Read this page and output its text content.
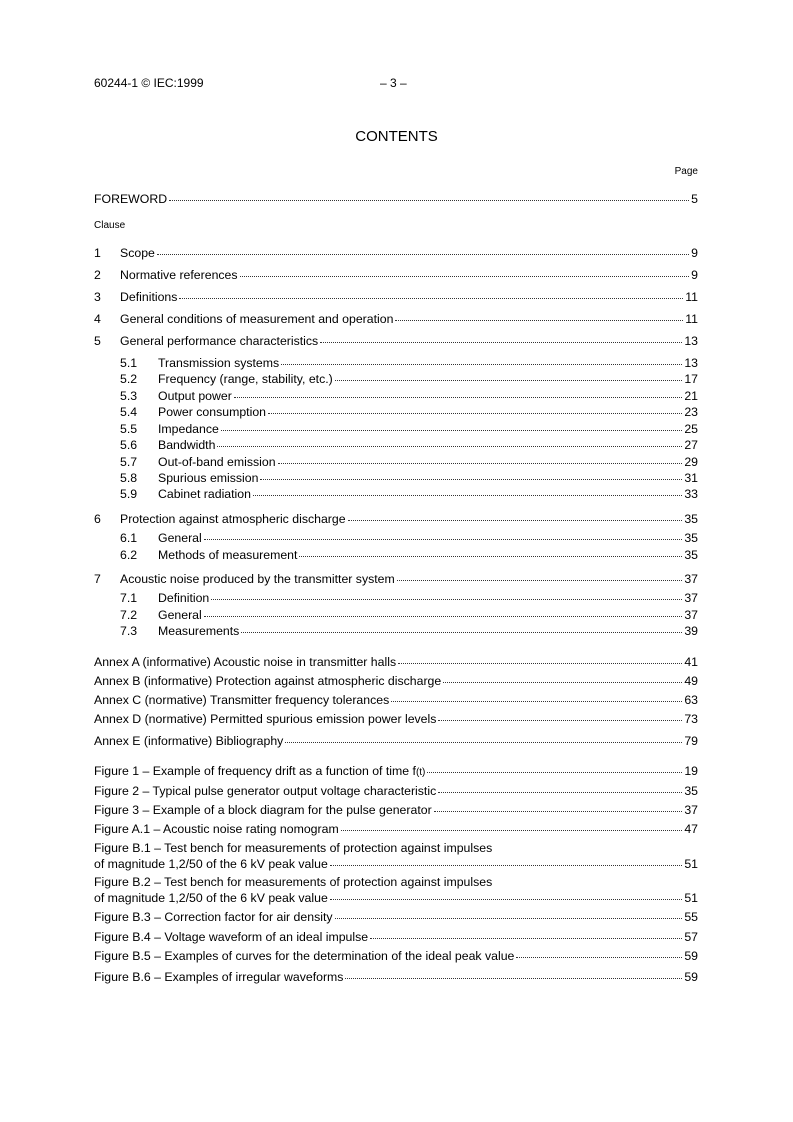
60244-1 © IEC:1999	– 3 –
CONTENTS
Page
Clause
FOREWORD	5
1	Scope	9
2	Normative references	9
3	Definitions	11
4	General conditions of measurement and operation	11
5	General performance characteristics	13
5.1	Transmission systems	13
5.2	Frequency (range, stability, etc.)	17
5.3	Output power	21
5.4	Power consumption	23
5.5	Impedance	25
5.6	Bandwidth	27
5.7	Out-of-band emission	29
5.8	Spurious emission	31
5.9	Cabinet radiation	33
6	Protection against atmospheric discharge	35
6.1	General	35
6.2	Methods of measurement	35
7	Acoustic noise produced by the transmitter system	37
7.1	Definition	37
7.2	General	37
7.3	Measurements	39
Annex A (informative) Acoustic noise in transmitter halls	41
Annex B (informative) Protection against atmospheric discharge	49
Annex C (normative) Transmitter frequency tolerances	63
Annex D (normative) Permitted spurious emission power levels	73
Annex E (informative) Bibliography	79
Figure 1 – Example of frequency drift as a function of time f (t)	19
Figure 2 – Typical pulse generator output voltage characteristic	35
Figure 3 – Example of a block diagram for the pulse generator	37
Figure A.1 – Acoustic noise rating nomogram	47
Figure B.1 – Test bench for measurements of protection against impulses
of magnitude 1,2/50 of the 6 kV peak value	51
Figure B.2 – Test bench for measurements of protection against impulses
of magnitude 1,2/50 of the 6 kV peak value	51
Figure B.3 – Correction factor for air density	55
Figure B.4 – Voltage waveform of an ideal impulse	57
Figure B.5 – Examples of curves for the determination of the ideal peak value	59
Figure B.6 – Examples of irregular waveforms	59
